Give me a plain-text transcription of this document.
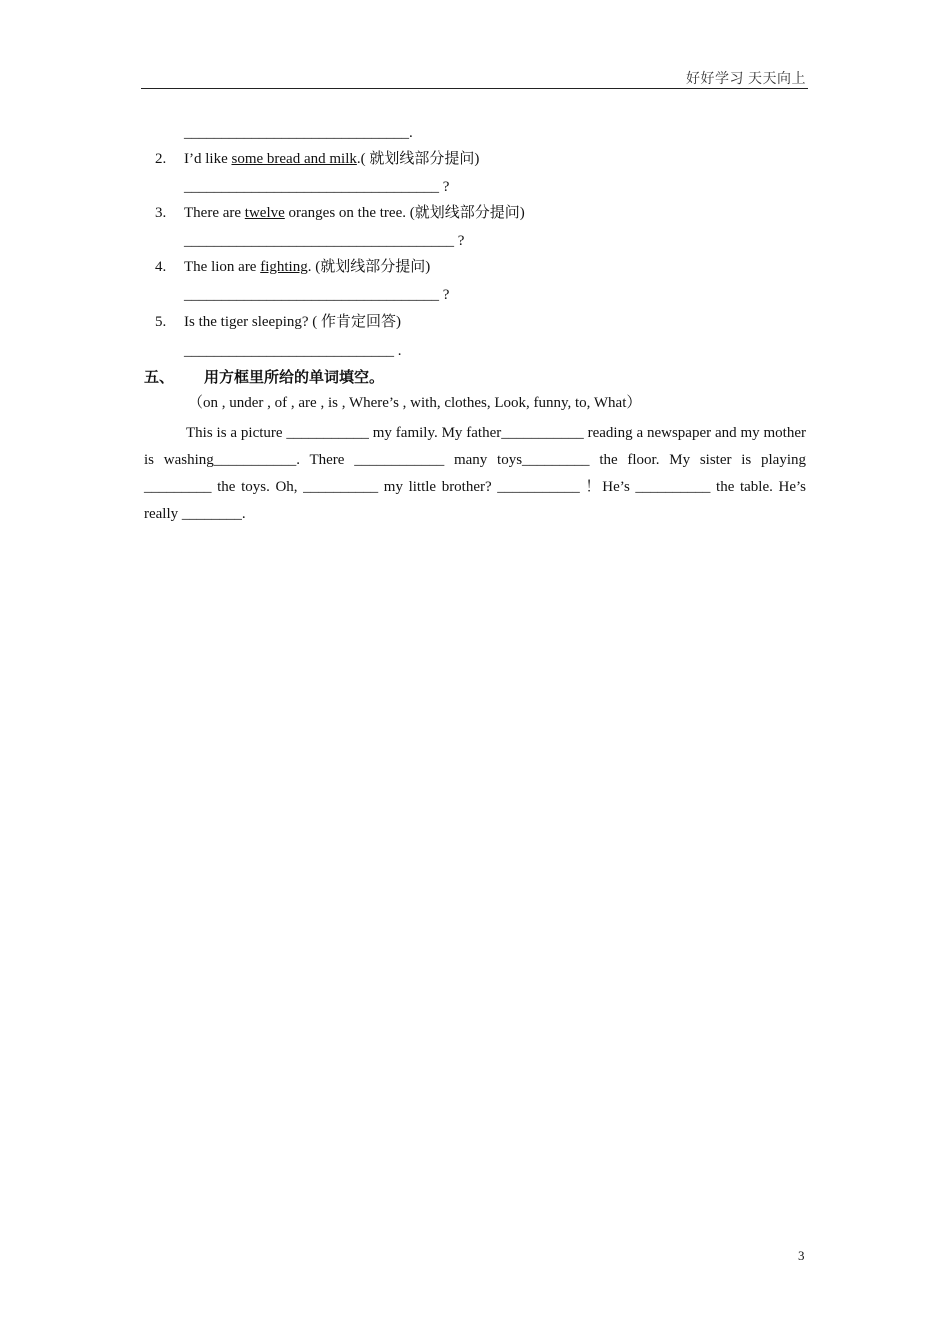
好好学习 天天向上
______________________________.
2.	I’d like some bread and milk.( 就划线部分提问)
__________________________________ ?
3.	There are twelve oranges on the tree. (就划线部分提问)
____________________________________ ?
4.	The lion are fighting. (就划线部分提问)
__________________________________ ?
5.	Is the tiger sleeping? ( 作肯定回答)
____________________________ .
五、 用方框里所给的单词填空。
（on , under , of , are , is , Where’s , with, clothes, Look, funny, to, What）
This is a picture ___________ my family. My father___________ reading a newspaper and my mother is washing___________. There ____________ many toys_________ the floor. My sister is playing _________ the toys. Oh, __________ my little brother? ___________ ！He’s __________ the table. He’s really ________.
3
